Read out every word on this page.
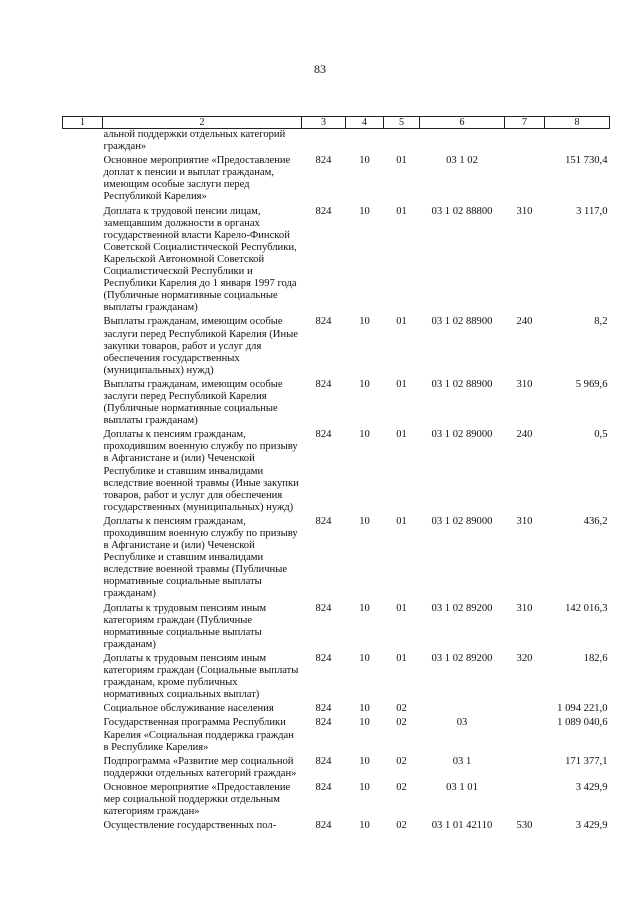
83
1	2	3	4	5	6	7	8
	альной поддержки отдельных категорий граждан»						
	Основное мероприятие «Предоставление доплат к пенсии и выплат гражданам, имеющим особые заслуги перед Республикой Карелия»	824	10	01	03 1 02		151 730,4
	Доплата к трудовой пенсии лицам, замещавшим должности в органах государственной власти Карело-Финской Советской Социалистической Республики, Карельской Автономной Советской Социалистической Республики и Республики Карелия до 1 января 1997 года (Публичные нормативные социальные выплаты гражданам)	824	10	01	03 1 02 88800	310	3 117,0
	Выплаты гражданам, имеющим особые заслуги перед Республикой Карелия (Иные закупки товаров, работ и услуг для обеспечения государственных (муниципальных) нужд)	824	10	01	03 1 02 88900	240	8,2
	Выплаты гражданам, имеющим особые заслуги перед Республикой Карелия (Публичные нормативные социальные выплаты гражданам)	824	10	01	03 1 02 88900	310	5 969,6
	Доплаты к пенсиям гражданам, проходившим военную службу по призыву в Афганистане и (или) Чеченской Республике и ставшим инвалидами вследствие военной травмы (Иные закупки товаров, работ и услуг для обеспечения государственных (муниципальных) нужд)	824	10	01	03 1 02 89000	240	0,5
	Доплаты к пенсиям гражданам, проходившим военную службу по призыву в Афганистане и (или) Чеченской Республике и ставшим инвалидами вследствие военной травмы (Публичные нормативные социальные выплаты гражданам)	824	10	01	03 1 02 89000	310	436,2
	Доплаты к трудовым пенсиям иным категориям граждан (Публичные нормативные социальные выплаты гражданам)	824	10	01	03 1 02 89200	310	142 016,3
	Доплаты к трудовым пенсиям иным категориям граждан (Социальные выплаты гражданам, кроме публичных нормативных социальных выплат)	824	10	01	03 1 02 89200	320	182,6
	Социальное обслуживание населения	824	10	02			1 094 221,0
	Государственная программа Республики Карелия «Социальная поддержка граждан в Республике Карелия»	824	10	02	03		1 089 040,6
	Подпрограмма «Развитие мер социальной поддержки отдельных категорий граждан»	824	10	02	03 1		171 377,1
	Основное мероприятие «Предоставление мер социальной поддержки отдельным категориям граждан»	824	10	02	03 1 01		3 429,9
	Осуществление государственных пол-	824	10	02	03 1 01 42110	530	3 429,9
